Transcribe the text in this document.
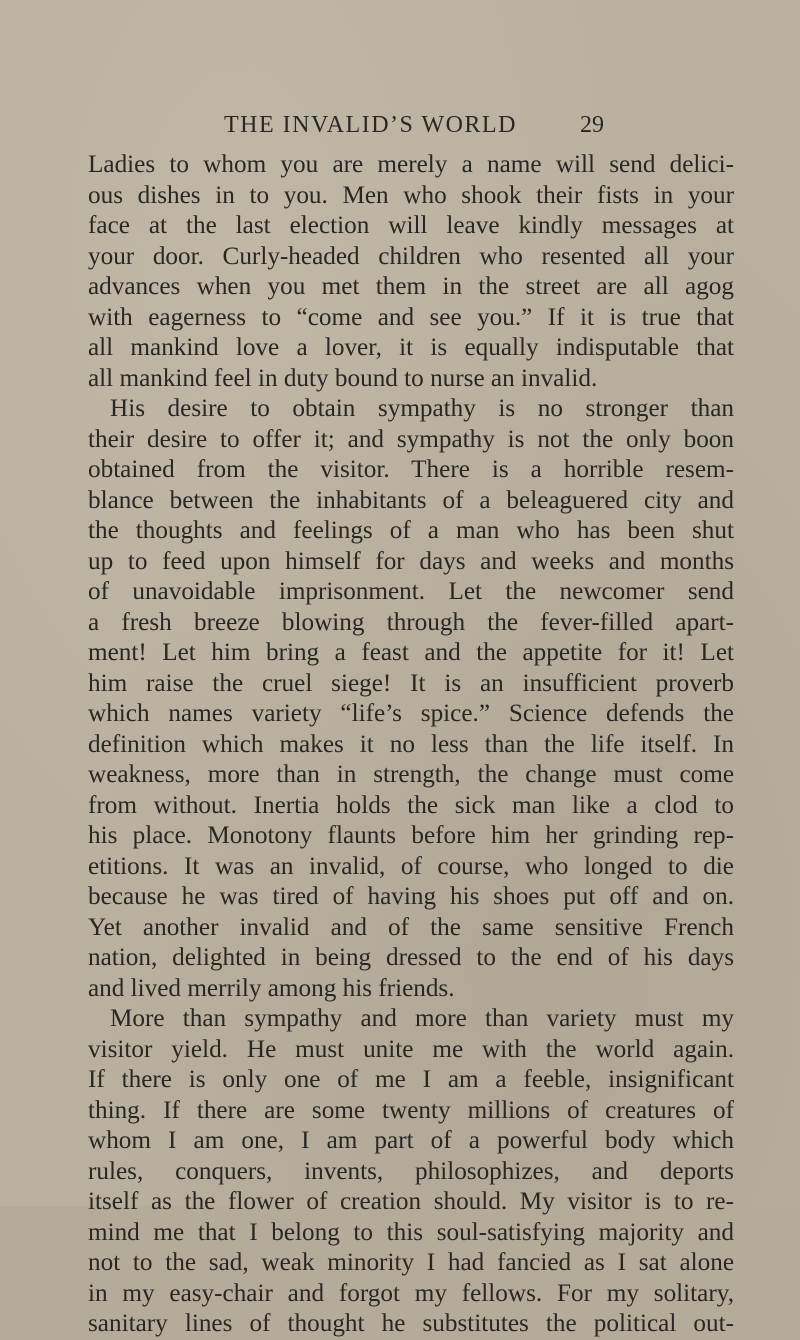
THE INVALID’S WORLD	29
Ladies to whom you are merely a name will send delici-
ous dishes in to you. Men who shook their fists in your
face at the last election will leave kindly messages at
your door. Curly-headed children who resented all your
advances when you met them in the street are all agog
with eagerness to “come and see you.” If it is true that
all mankind love a lover, it is equally indisputable that
all mankind feel in duty bound to nurse an invalid.
His desire to obtain sympathy is no stronger than
their desire to offer it; and sympathy is not the only boon
obtained from the visitor. There is a horrible resem-
blance between the inhabitants of a beleaguered city and
the thoughts and feelings of a man who has been shut
up to feed upon himself for days and weeks and months
of unavoidable imprisonment. Let the newcomer send
a fresh breeze blowing through the fever-filled apart-
ment! Let him bring a feast and the appetite for it! Let
him raise the cruel siege! It is an insufficient proverb
which names variety “life’s spice.” Science defends the
definition which makes it no less than the life itself. In
weakness, more than in strength, the change must come
from without. Inertia holds the sick man like a clod to
his place. Monotony flaunts before him her grinding rep-
etitions. It was an invalid, of course, who longed to die
because he was tired of having his shoes put off and on.
Yet another invalid and of the same sensitive French
nation, delighted in being dressed to the end of his days
and lived merrily among his friends.
More than sympathy and more than variety must my
visitor yield. He must unite me with the world again.
If there is only one of me I am a feeble, insignificant
thing. If there are some twenty millions of creatures of
whom I am one, I am part of a powerful body which
rules, conquers, invents, philosophizes, and deports
itself as the flower of creation should. My visitor is to re-
mind me that I belong to this soul-satisfying majority and
not to the sad, weak minority I had fancied as I sat alone
in my easy-chair and forgot my fellows. For my solitary,
sanitary lines of thought he substitutes the political out-
